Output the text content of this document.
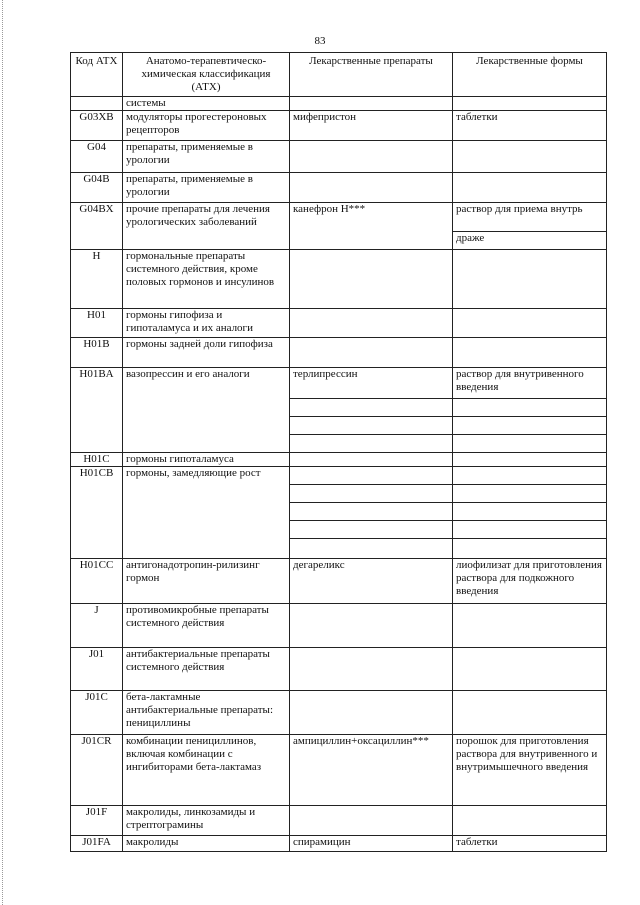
83
Код АТХ	Анатомо-терапевтическо-химическая классификация (АТХ)	Лекарственные препараты	Лекарственные формы
	системы		
G03XB	модуляторы прогестероновых рецепторов	мифепристон	таблетки
G04	препараты, применяемые в урологии		
G04B	препараты, применяемые в урологии		
G04BX	прочие препараты для лечения урологических заболеваний	канефрон Н***	раствор для приема внутрь
			драже
H	гормональные препараты системного действия, кроме половых гормонов и инсулинов		
H01	гормоны гипофиза и гипоталамуса и их аналоги		
H01B	гормоны задней доли гипофиза		
H01BA	вазопрессин и его аналоги	терлипрессин	раствор для внутривенного введения

H01C	гормоны гипоталамуса		
H01CB	гормоны, замедляющие рост		

H01CC	антигонадотропин-рилизинг гормон	дегареликс	лиофилизат для приготовления раствора для подкожного введения
J	противомикробные препараты системного действия		
J01	антибактериальные препараты системного действия		
J01C	бета-лактамные антибактериальные препараты: пенициллины		
J01CR	комбинации пенициллинов, включая комбинации с ингибиторами бета-лактамаз	ампициллин+оксациллин***	порошок для приготовления раствора для внутривенного и внутримышечного введения
J01F	макролиды, линкозамиды и стрептограмины		
J01FA	макролиды	спирамицин	таблетки
